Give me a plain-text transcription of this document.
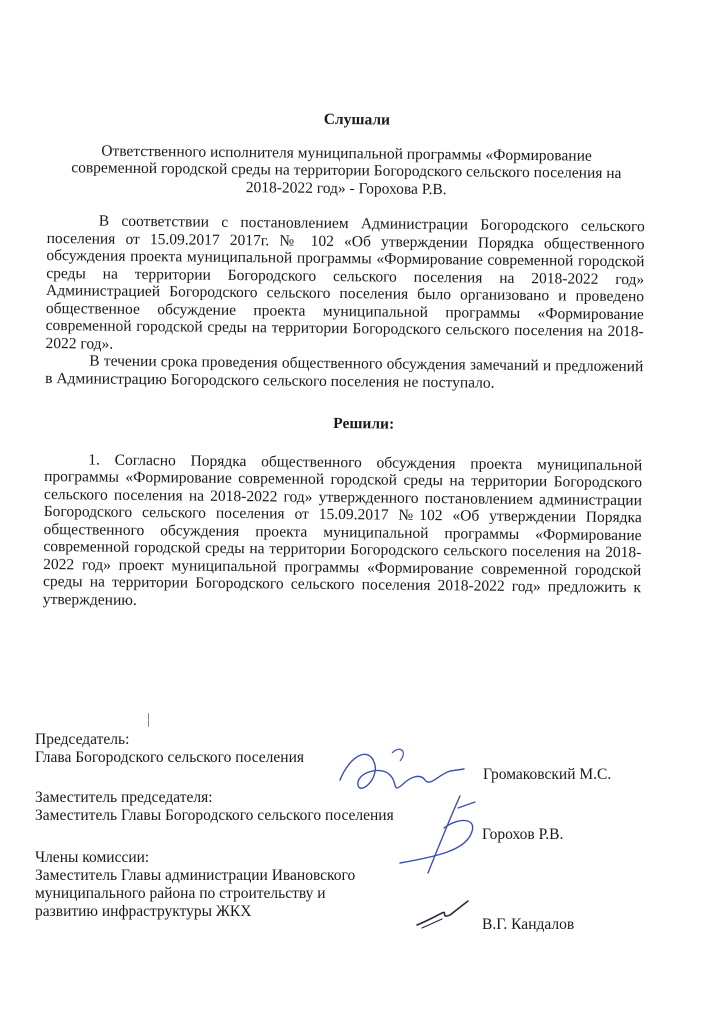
Слушали

Ответственного исполнителя муниципальной программы «Формирование современной городской среды на территории Богородского сельского поселения на 2018-2022 год» - Горохова Р.В.

В соответствии с постановлением Администрации Богородского сельского поселения от 15.09.2017 2017г. № 102 «Об утверждении Порядка общественного обсуждения проекта муниципальной программы «Формирование современной городской среды на территории Богородского сельского поселения на 2018-2022 год» Администрацией Богородского сельского поселения было организовано и проведено общественное обсуждение проекта муниципальной программы «Формирование современной городской среды на территории Богородского сельского поселения на 2018-2022 год».

В течении срока проведения общественного обсуждения замечаний и предложений в Администрацию Богородского сельского поселения не поступало.

Решили:

1. Согласно Порядка общественного обсуждения проекта муниципальной программы «Формирование современной городской среды на территории Богородского сельского поселения на 2018-2022 год» утвержденного постановлением администрации Богородского сельского поселения от 15.09.2017 №102 «Об утверждении Порядка общественного обсуждения проекта муниципальной программы «Формирование современной городской среды на территории Богородского сельского поселения на 2018-2022 год» проект муниципальной программы «Формирование современной городской среды на территории Богородского сельского поселения 2018-2022 год» предложить к утверждению.

Председатель:
Глава Богородского сельского поселения
Громаковский М.С.
Заместитель председателя:
Заместитель Главы Богородского сельского поселения
Горохов Р.В.
Члены комиссии:
Заместитель Главы администрации Ивановского
муниципального района по строительству и
развитию инфраструктуры ЖКХ
В.Г. Кандалов
